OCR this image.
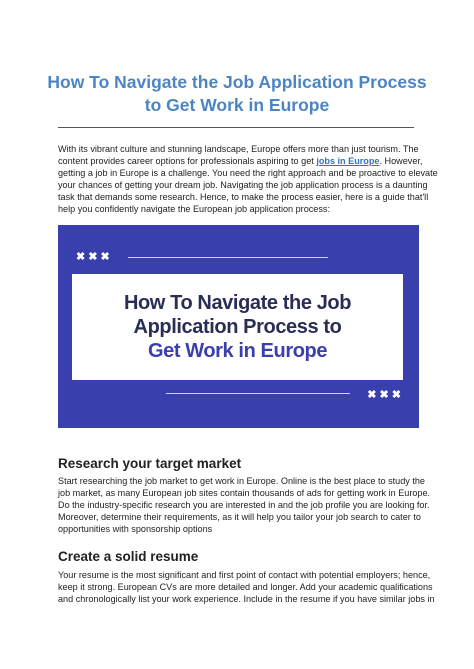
How To Navigate the Job Application Process
to Get Work in Europe

With its vibrant culture and stunning landscape, Europe offers more than just tourism. The
content provides career options for professionals aspiring to get jobs in Europe. However,
getting a job in Europe is a challenge. You need the right approach and be proactive to elevate
your chances of getting your dream job. Navigating the job application process is a daunting
task that demands some research. Hence, to make the process easier, here is a guide that'll
help you confidently navigate the European job application process:

✖ ✖ ✖
How To Navigate the Job
Application Process to
Get Work in Europe
✖ ✖ ✖
Research your target market

Start researching the job market to get work in Europe. Online is the best place to study the
job market, as many European job sites contain thousands of ads for getting work in Europe.
Do the industry-specific research you are interested in and the job profile you are looking for.
Moreover, determine their requirements, as it will help you tailor your job search to cater to
opportunities with sponsorship options

Create a solid resume

Your resume is the most significant and first point of contact with potential employers; hence,
keep it strong. European CVs are more detailed and longer. Add your academic qualifications
and chronologically list your work experience. Include in the resume if you have similar jobs in
